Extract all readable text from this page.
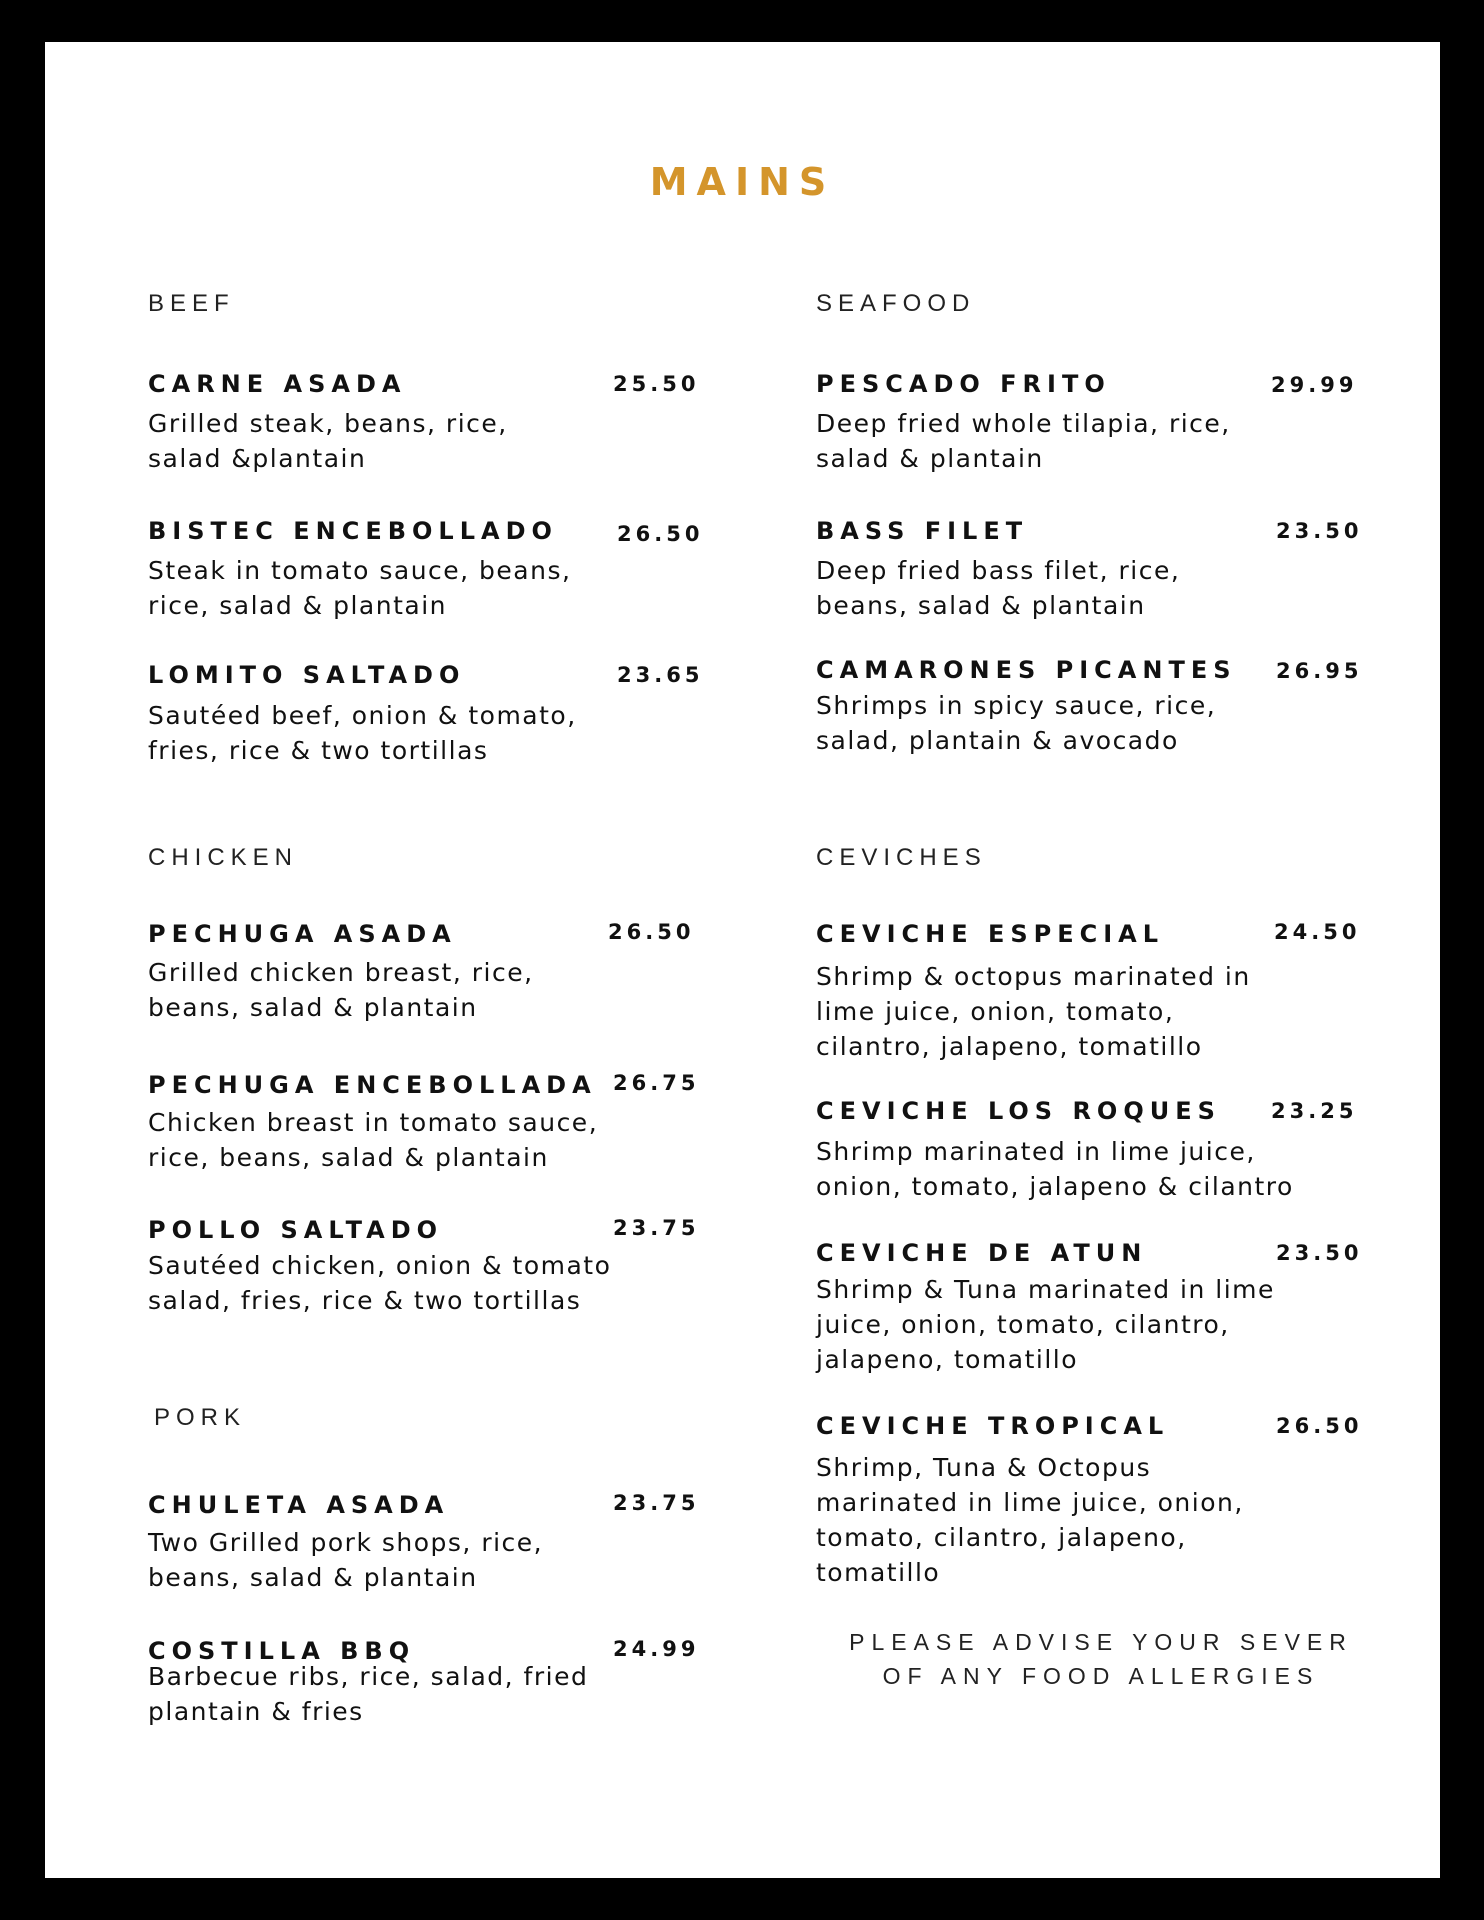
MAINS
BEEF
CARNE ASADA	25.50
Grilled steak, beans, rice,
salad &plantain
BISTEC ENCEBOLLADO	26.50
Steak in tomato sauce, beans,
rice, salad & plantain
LOMITO SALTADO	23.65
Sautéed beef, onion & tomato,
fries, rice & two tortillas
CHICKEN
PECHUGA ASADA	26.50
Grilled chicken breast, rice,
beans, salad & plantain
PECHUGA ENCEBOLLADA 26.75
Chicken breast in tomato sauce,
rice, beans, salad & plantain
POLLO SALTADO	23.75
Sautéed chicken, onion & tomato
salad, fries, rice & two tortillas
PORK
CHULETA ASADA	23.75
Two Grilled pork shops, rice,
beans, salad & plantain
COSTILLA BBQ	24.99
Barbecue ribs, rice, salad, fried
plantain & fries
SEAFOOD
PESCADO FRITO	29.99
Deep fried whole tilapia, rice,
salad & plantain
BASS FILET	23.50
Deep fried bass filet, rice,
beans, salad & plantain
CAMARONES PICANTES 26.95
Shrimps in spicy sauce, rice,
salad, plantain & avocado
CEVICHES
CEVICHE ESPECIAL	24.50
Shrimp & octopus marinated in
lime juice, onion, tomato,
cilantro, jalapeno, tomatillo
CEVICHE LOS ROQUES 23.25
Shrimp marinated in lime juice,
onion, tomato, jalapeno & cilantro
CEVICHE DE ATUN	23.50
Shrimp & Tuna marinated in lime
juice, onion, tomato, cilantro,
jalapeno, tomatillo
CEVICHE TROPICAL	26.50
Shrimp, Tuna & Octopus
marinated in lime juice, onion,
tomato, cilantro, jalapeno,
tomatillo
PLEASE ADVISE YOUR SEVER
OF ANY FOOD ALLERGIES
